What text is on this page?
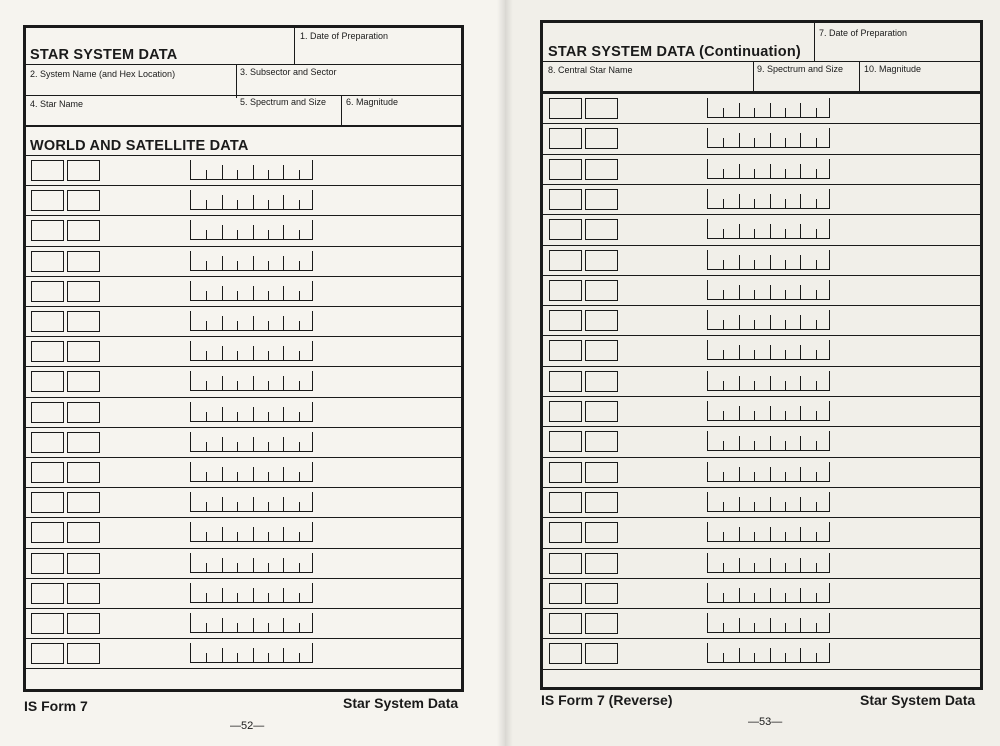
STAR SYSTEM DATA
1. Date of Preparation
2. System Name (and Hex Location)	3. Subsector and Sector
4. Star Name	5. Spectrum and Size 6. Magnitude
WORLD AND SATELLITE DATA
IS Form 7	Star System Data
—52—
STAR SYSTEM DATA (Continuation)
7. Date of Preparation
8. Central Star Name	9. Spectrum and Size 10. Magnitude
IS Form 7 (Reverse)	Star System Data
—53—
